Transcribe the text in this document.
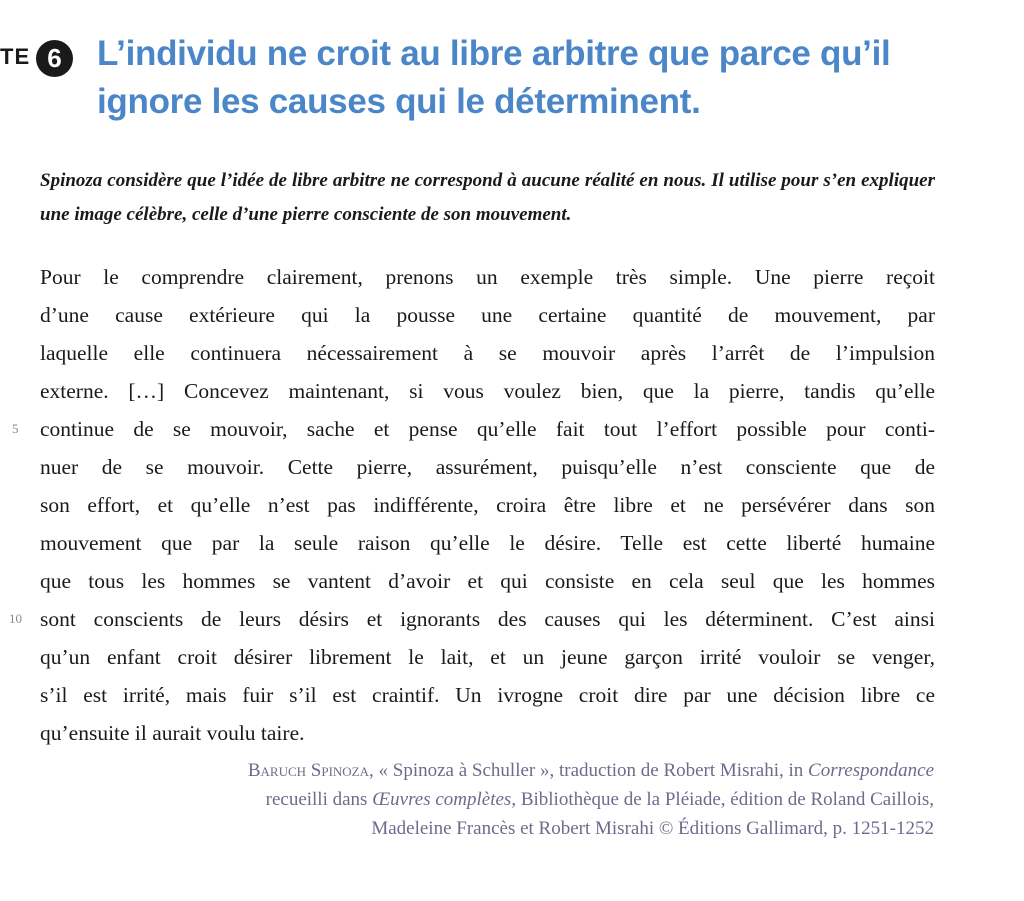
TE 6	L’individu ne croit au libre arbitre que parce qu’il
ignore les causes qui le déterminent.

Spinoza considère que l’idée de libre arbitre ne correspond à aucune réalité en nous. Il utilise pour s’en expliquer une image célèbre, celle d’une pierre consciente de son mouvement.

5
10
Pour le comprendre clairement, prenons un exemple très simple. Une pierre reçoit
d’une cause extérieure qui la pousse une certaine quantité de mouvement, par
laquelle elle continuera nécessairement à se mouvoir après l’arrêt de l’impulsion
externe. […] Concevez maintenant, si vous voulez bien, que la pierre, tandis qu’elle
continue de se mouvoir, sache et pense qu’elle fait tout l’effort possible pour conti-
nuer de se mouvoir. Cette pierre, assurément, puisqu’elle n’est consciente que de
son effort, et qu’elle n’est pas indifférente, croira être libre et ne persévérer dans son
mouvement que par la seule raison qu’elle le désire. Telle est cette liberté humaine
que tous les hommes se vantent d’avoir et qui consiste en cela seul que les hommes
sont conscients de leurs désirs et ignorants des causes qui les déterminent. C’est ainsi
qu’un enfant croit désirer librement le lait, et un jeune garçon irrité vouloir se venger,
s’il est irrité, mais fuir s’il est craintif. Un ivrogne croit dire par une décision libre ce
qu’ensuite il aurait voulu taire.
Baruch Spinoza, « Spinoza à Schuller », traduction de Robert Misrahi, in Correspondance
recueilli dans Œuvres complètes, Bibliothèque de la Pléiade, édition de Roland Caillois,
Madeleine Francès et Robert Misrahi © Éditions Gallimard, p. 1251-1252
